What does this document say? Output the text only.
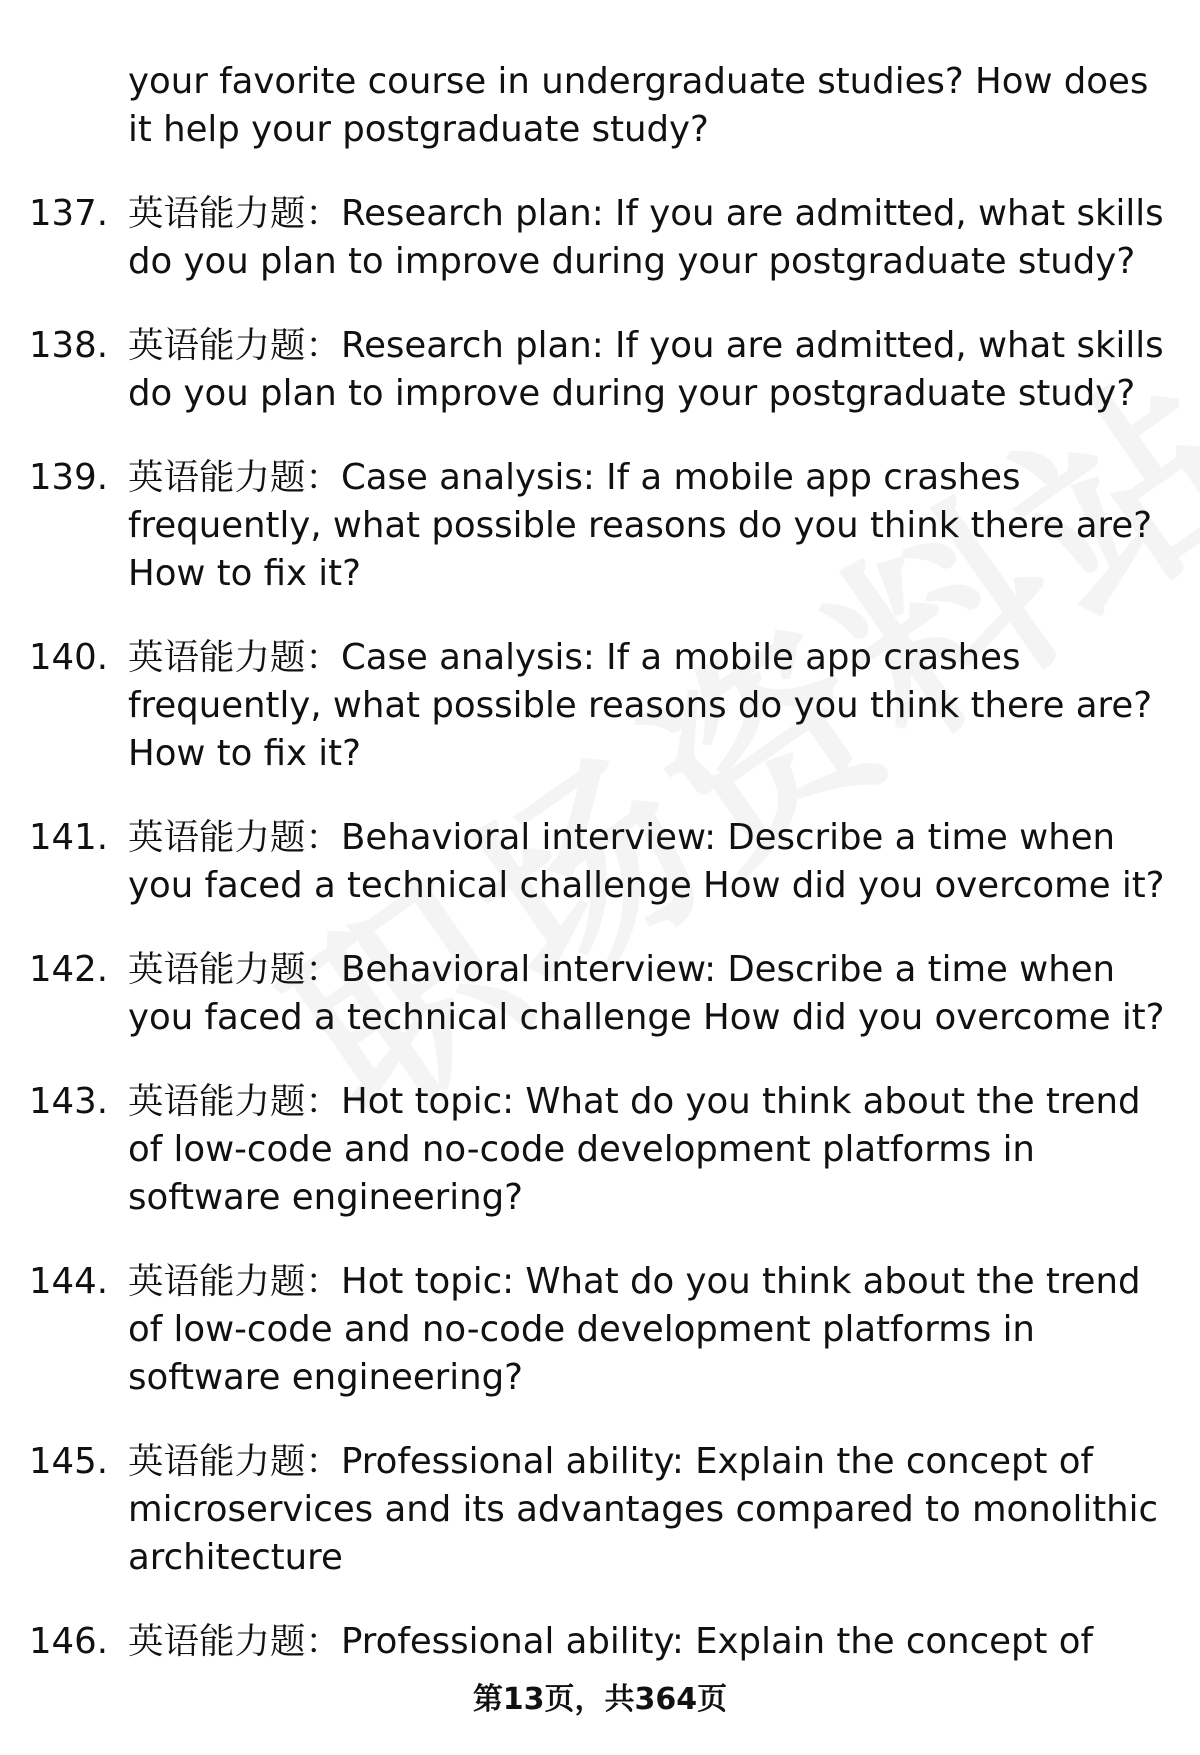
your favorite course in undergraduate studies? How does it help your postgraduate study?
137. 英语能力题：Research plan: If you are admitted, what skills do you plan to improve during your postgraduate study?
138. 英语能力题：Research plan: If you are admitted, what skills do you plan to improve during your postgraduate study?
139. 英语能力题：Case analysis: If a mobile app crashes frequently, what possible reasons do you think there are? How to fix it?
140. 英语能力题：Case analysis: If a mobile app crashes frequently, what possible reasons do you think there are? How to fix it?
141. 英语能力题：Behavioral interview: Describe a time when you faced a technical challenge How did you overcome it?
142. 英语能力题：Behavioral interview: Describe a time when you faced a technical challenge How did you overcome it?
143. 英语能力题：Hot topic: What do you think about the trend of low-code and no-code development platforms in software engineering?
144. 英语能力题：Hot topic: What do you think about the trend of low-code and no-code development platforms in software engineering?
145. 英语能力题：Professional ability: Explain the concept of microservices and its advantages compared to monolithic architecture
146. 英语能力题：Professional ability: Explain the concept of
第13页，共364页
